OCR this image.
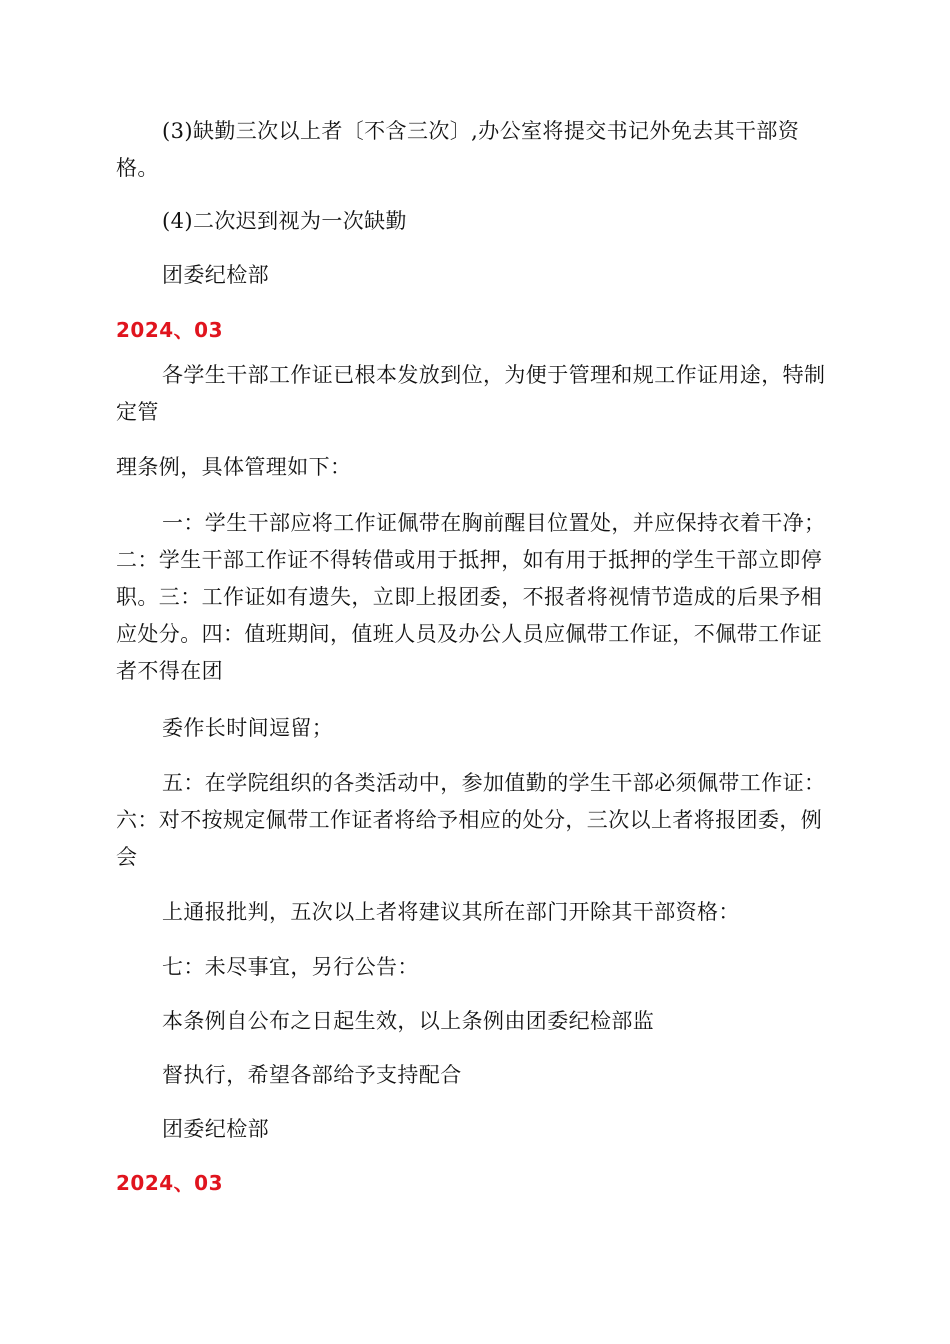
(3)缺勤三次以上者〔不含三次〕,办公室将提交书记外免去其干部资格。

(4)二次迟到视为一次缺勤

团委纪检部

2024、03

各学生干部工作证已根本发放到位，为便于管理和规工作证用途，特制定管

理条例，具体管理如下：

一：学生干部应将工作证佩带在胸前醒目位置处，并应保持衣着干净；二：学生干部工作证不得转借或用于抵押，如有用于抵押的学生干部立即停职。三：工作证如有遗失，立即上报团委，不报者将视情节造成的后果予相应处分。四：值班期间，值班人员及办公人员应佩带工作证，不佩带工作证者不得在团

委作长时间逗留；

五：在学院组织的各类活动中，参加值勤的学生干部必须佩带工作证：六：对不按规定佩带工作证者将给予相应的处分，三次以上者将报团委，例会

上通报批判，五次以上者将建议其所在部门开除其干部资格：

七：未尽事宜，另行公告：

本条例自公布之日起生效，以上条例由团委纪检部监

督执行，希望各部给予支持配合

团委纪检部

2024、03
